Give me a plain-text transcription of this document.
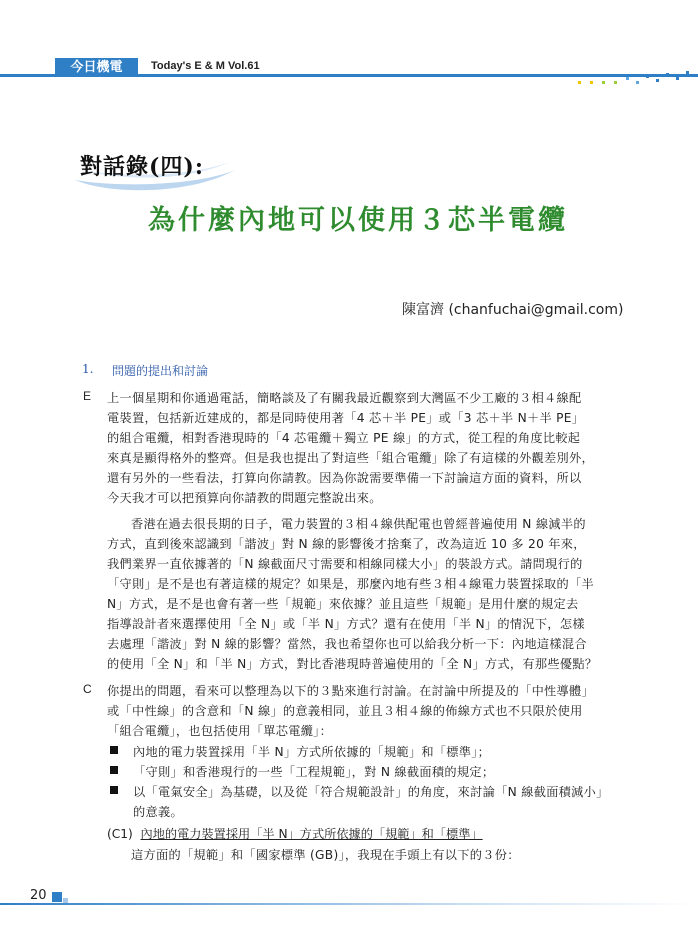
今日機電	Today's E & M Vol.61
對話錄(四):
為什麼內地可以使用３芯半電纜
陳富濟 (chanfuchai@gmail.com)
1. 問題的提出和討論
E 上一個星期和你通過電話，簡略談及了有關我最近觀察到大灣區不少工廠的３相４線配
電裝置，包括新近建成的，都是同時使用著「4 芯＋半 PE」或「3 芯＋半 N＋半 PE」
的組合電纜，相對香港現時的「4 芯電纜＋獨立 PE 線」的方式，從工程的角度比較起
來真是顯得格外的整齊。但是我也提出了對這些「組合電纜」除了有這樣的外觀差別外，
還有另外的一些看法，打算向你請教。因為你說需要準備一下討論這方面的資料，所以
今天我才可以把預算向你請教的問題完整說出來。
香港在過去很長期的日子，電力裝置的３相４線供配電也曾經普遍使用 N 線減半的
方式，直到後來認識到「諧波」對 N 線的影響後才捨棄了，改為這近 10 多 20 年來，
我們業界一直依據著的「N 線截面尺寸需要和相線同樣大小」的裝設方式。請問現行的
「守則」是不是也有著這樣的規定？如果是，那麼內地有些３相４線電力裝置採取的「半
N」方式，是不是也會有著一些「規範」來依據？並且這些「規範」是用什麼的規定去
指導設計者來選擇使用「全 N」或「半 N」方式？還有在使用「半 N」的情況下，怎樣
去處理「諧波」對 N 線的影響？當然，我也希望你也可以給我分析一下：內地這樣混合
的使用「全 N」和「半 N」方式，對比香港現時普遍使用的「全 N」方式，有那些優點？
C 你提出的問題，看來可以整理為以下的３點來進行討論。在討論中所提及的「中性導體」
或「中性線」的含意和「N 線」的意義相同，並且３相４線的佈線方式也不只限於使用
「組合電纜」，也包括使用「單芯電纜」：
內地的電力裝置採用「半 N」方式所依據的「規範」和「標準」；
「守則」和香港現行的一些「工程規範」，對 N 線截面積的規定；
以「電氣安全」為基礎，以及從「符合規範設計」的角度，來討論「N 線截面積減小」
的意義。
(C1) 內地的電力裝置採用「半 N」方式所依據的「規範」和「標準」
這方面的「規範」和「國家標準 (GB)」，我現在手頭上有以下的３份：
20
